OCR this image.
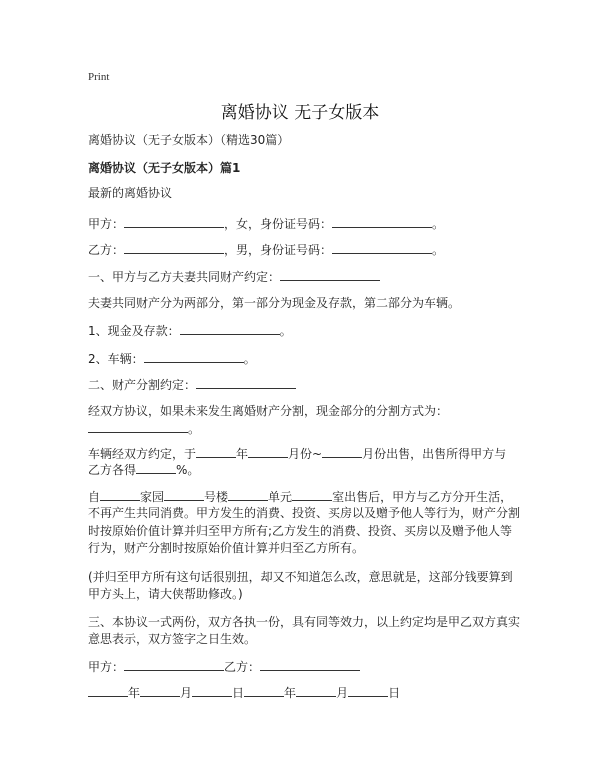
Print
离婚协议 无子女版本
离婚协议（无子女版本）（精选30篇）
离婚协议（无子女版本）篇1
最新的离婚协议
甲方：	，女，身份证号码：	。
乙方：	，男，身份证号码：	。
一、甲方与乙方夫妻共同财产约定：
夫妻共同财产分为两部分，第一部分为现金及存款，第二部分为车辆。
1、现金及存款：	。
2、车辆：	。
二、财产分割约定：
经双方协议，如果未来发生离婚财产分割，现金部分的分割方式为：
。
车辆经双方约定，于	年	月份~	月份出售，出售所得甲方与
乙方各得	%。
自	家园	号楼	单元	室出售后，甲方与乙方分开生活，
不再产生共同消费。甲方发生的消费、投资、买房以及赠予他人等行为，财产分割
时按原始价值计算并归至甲方所有;乙方发生的消费、投资、买房以及赠予他人等
行为，财产分割时按原始价值计算并归至乙方所有。
(并归至甲方所有这句话很别扭，却又不知道怎么改，意思就是，这部分钱要算到
甲方头上，请大侠帮助修改。)
三、本协议一式两份，双方各执一份，具有同等效力，以上约定均是甲乙双方真实
意思表示，双方签字之日生效。
甲方：	乙方：
年	月	日	年	月	日
